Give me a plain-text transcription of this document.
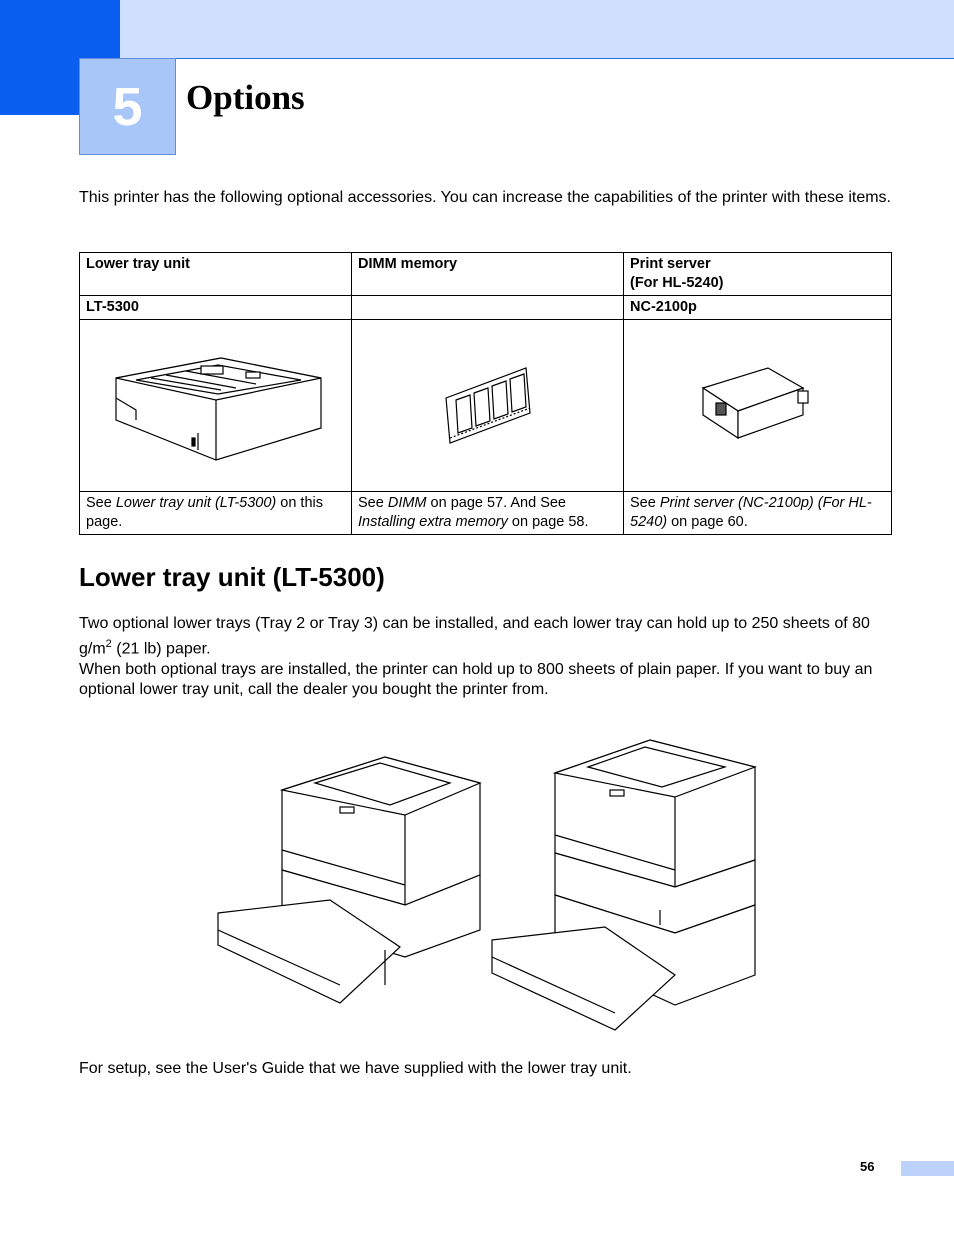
5	Options

This printer has the following optional accessories. You can increase the capabilities of the printer with these items.

Lower tray unit	DIMM memory	Print server
(For HL-5240)
LT-5300		NC-2100p

See Lower tray unit (LT-5300) on this page.	See DIMM on page 57. And See Installing extra memory on page 58.	See Print server (NC-2100p) (For HL-5240) on page 60.
Lower tray unit (LT-5300)

Two optional lower trays (Tray 2 or Tray 3) can be installed, and each lower tray can hold up to 250 sheets of 80 $g/m^2$ (21 lb) paper.

When both optional trays are installed, the printer can hold up to 800 sheets of plain paper. If you want to buy an optional lower tray unit, call the dealer you bought the printer from.

For setup, see the User's Guide that we have supplied with the lower tray unit.

56
